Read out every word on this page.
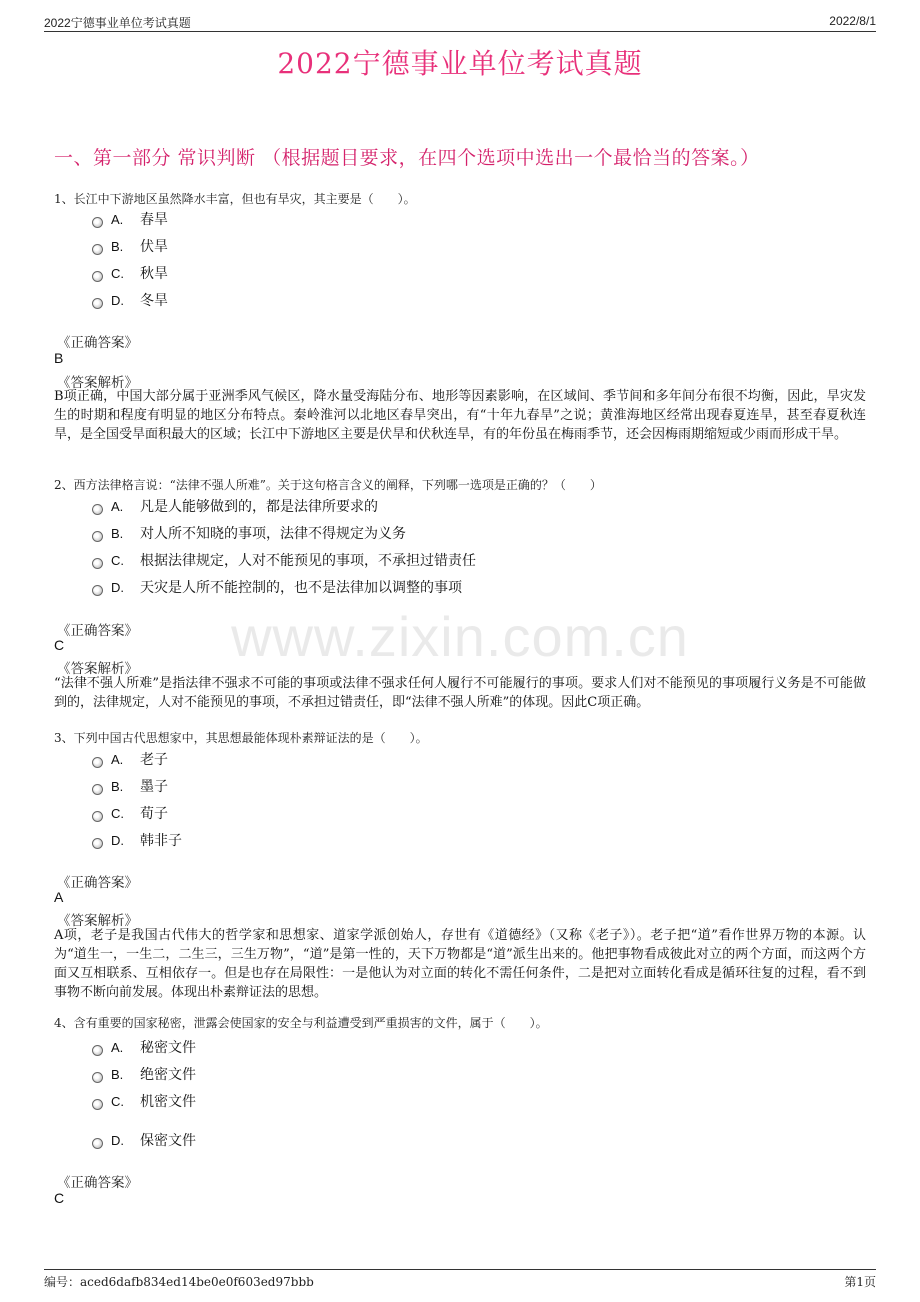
2022宁德事业单位考试真题	2022/8/1
2022宁德事业单位考试真题
一、第一部分 常识判断 （根据题目要求，在四个选项中选出一个最恰当的答案。）
1、长江中下游地区虽然降水丰富，但也有旱灾，其主要是（　　）。
A. 春旱
B. 伏旱
C. 秋旱
D. 冬旱
《正确答案》
B
《答案解析》
B项正确，中国大部分属于亚洲季风气候区，降水量受海陆分布、地形等因素影响，在区域间、季节间和多年间分布很不均衡，因此，旱灾发生的时期和程度有明显的地区分布特点。秦岭淮河以北地区春旱突出，有“十年九春旱”之说；黄淮海地区经常出现春夏连旱，甚至春夏秋连旱，是全国受旱面积最大的区域；长江中下游地区主要是伏旱和伏秋连旱，有的年份虽在梅雨季节，还会因梅雨期缩短或少雨而形成干旱。
2、西方法律格言说：“法律不强人所难”。关于这句格言含义的阐释，下列哪一选项是正确的？（　　）
A. 凡是人能够做到的，都是法律所要求的
B. 对人所不知晓的事项，法律不得规定为义务
C. 根据法律规定，人对不能预见的事项，不承担过错责任
D. 天灾是人所不能控制的，也不是法律加以调整的事项
《正确答案》
C
《答案解析》
“法律不强人所难”是指法律不强求不可能的事项或法律不强求任何人履行不可能履行的事项。要求人们对不能预见的事项履行义务是不可能做到的，法律规定，人对不能预见的事项，不承担过错责任，即“法律不强人所难”的体现。因此C项正确。
3、下列中国古代思想家中，其思想最能体现朴素辩证法的是（　　）。
A. 老子
B. 墨子
C. 荀子
D. 韩非子
《正确答案》
A
《答案解析》
A项，老子是我国古代伟大的哲学家和思想家、道家学派创始人，存世有《道德经》（又称《老子》）。老子把“道”看作世界万物的本源。认为“道生一，一生二，二生三，三生万物”，“道”是第一性的，天下万物都是“道”派生出来的。他把事物看成彼此对立的两个方面，而这两个方面又互相联系、互相依存一。但是也存在局限性：一是他认为对立面的转化不需任何条件，二是把对立面转化看成是循环往复的过程，看不到事物不断向前发展。体现出朴素辩证法的思想。
4、含有重要的国家秘密，泄露会使国家的安全与利益遭受到严重损害的文件，属于（　　）。
A. 秘密文件
B. 绝密文件
C. 机密文件
D. 保密文件
《正确答案》
C
www.zixin.com.cn
编号：aced6dafb834ed14be0e0f603ed97bbb	第1页
